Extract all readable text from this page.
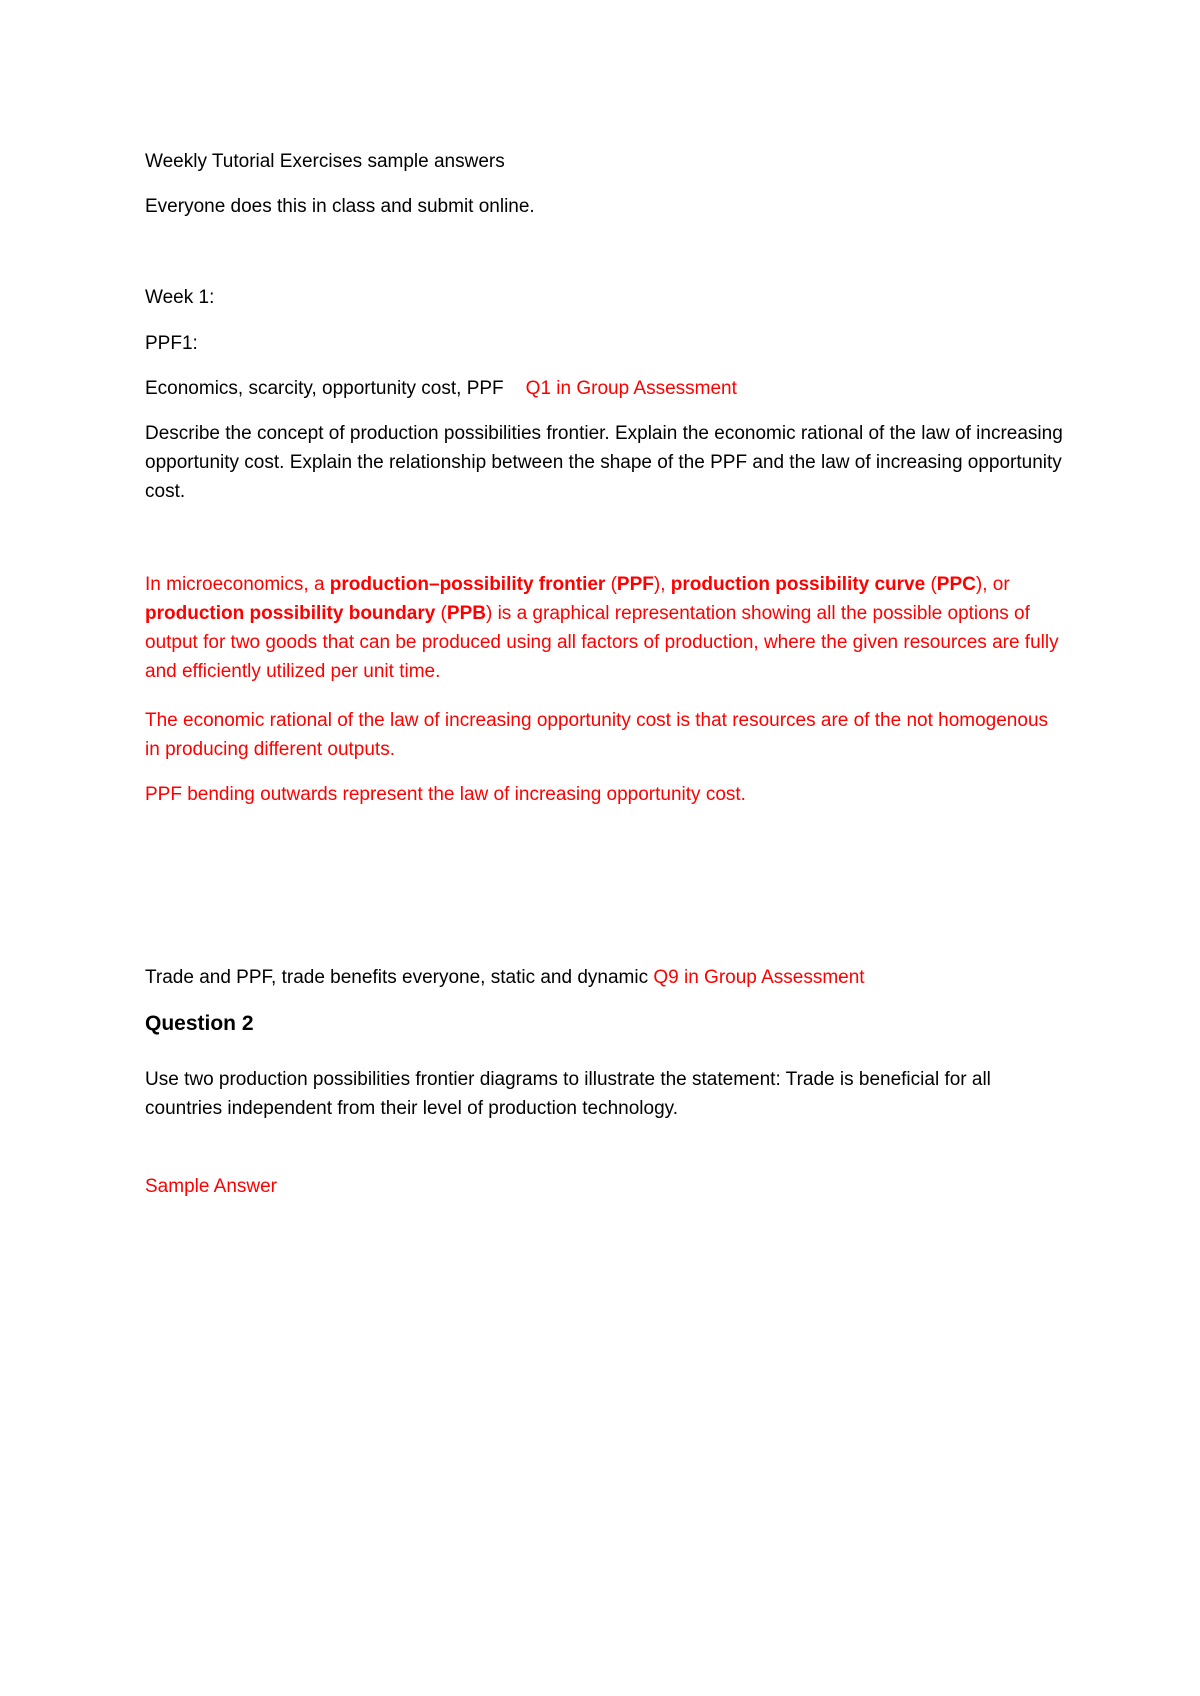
Weekly Tutorial Exercises sample answers
Everyone does this in class and submit online.
Week 1:
PPF1:
Economics, scarcity, opportunity cost, PPF Q1 in Group Assessment
Describe the concept of production possibilities frontier. Explain the economic rational of the law of increasing opportunity cost. Explain the relationship between the shape of the PPF and the law of increasing opportunity cost.
In microeconomics, a production–possibility frontier (PPF), production possibility curve (PPC), or production possibility boundary (PPB) is a graphical representation showing all the possible options of output for two goods that can be produced using all factors of production, where the given resources are fully and efficiently utilized per unit time.
The economic rational of the law of increasing opportunity cost is that resources are of the not homogenous in producing different outputs.
PPF bending outwards represent the law of increasing opportunity cost.
Trade and PPF, trade benefits everyone, static and dynamic Q9 in Group Assessment
Question 2
Use two production possibilities frontier diagrams to illustrate the statement: Trade is beneficial for all countries independent from their level of production technology.
Sample Answer
